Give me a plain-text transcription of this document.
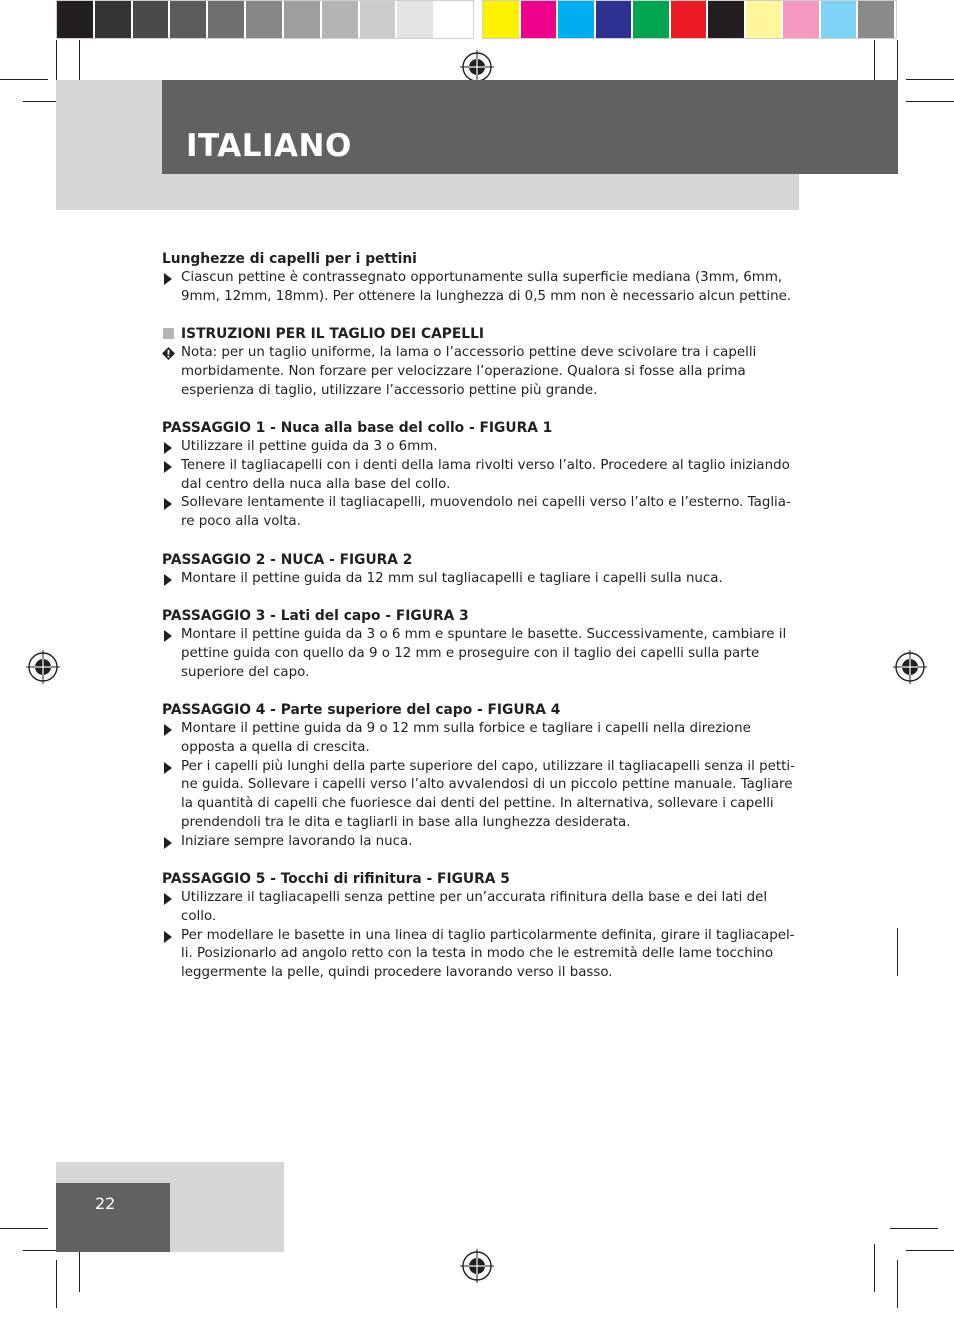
ITALIANO

Lunghezze di capelli per i pettini

Ciascun pettine è contrassegnato opportunamente sulla superficie mediana (3mm, 6mm, 9mm, 12mm, 18mm). Per ottenere la lunghezza di 0,5 mm non è necessario alcun pettine.

ISTRUZIONI PER IL TAGLIO DEI CAPELLI

Nota: per un taglio uniforme, la lama o l’accessorio pettine deve scivolare tra i capelli morbidamente. Non forzare per velocizzare l’operazione. Qualora si fosse alla prima esperienza di taglio, utilizzare l’accessorio pettine più grande.

PASSAGGIO 1 - Nuca alla base del collo - FIGURA 1

Utilizzare il pettine guida da 3 o 6mm.

Tenere il tagliacapelli con i denti della lama rivolti verso l’alto. Procedere al taglio iniziando dal centro della nuca alla base del collo.

Sollevare lentamente il tagliacapelli, muovendolo nei capelli verso l’alto e l’esterno. Taglia-re poco alla volta.

PASSAGGIO 2 - NUCA - FIGURA 2

Montare il pettine guida da 12 mm sul tagliacapelli e tagliare i capelli sulla nuca.

PASSAGGIO 3 - Lati del capo - FIGURA 3

Montare il pettine guida da 3 o 6 mm e spuntare le basette. Successivamente, cambiare il pettine guida con quello da 9 o 12 mm e proseguire con il taglio dei capelli sulla parte superiore del capo.

PASSAGGIO 4 - Parte superiore del capo - FIGURA 4

Montare il pettine guida da 9 o 12 mm sulla forbice e tagliare i capelli nella direzione opposta a quella di crescita.

Per i capelli più lunghi della parte superiore del capo, utilizzare il tagliacapelli senza il petti-ne guida. Sollevare i capelli verso l’alto avvalendosi di un piccolo pettine manuale. Tagliare la quantità di capelli che fuoriesce dai denti del pettine. In alternativa, sollevare i capelli prendendoli tra le dita e tagliarli in base alla lunghezza desiderata.

Iniziare sempre lavorando la nuca.

PASSAGGIO 5 - Tocchi di rifinitura - FIGURA 5

Utilizzare il tagliacapelli senza pettine per un’accurata rifinitura della base e dei lati del collo.

Per modellare le basette in una linea di taglio particolarmente definita, girare il tagliacapel-li. Posizionarlo ad angolo retto con la testa in modo che le estremità delle lame tocchino leggermente la pelle, quindi procedere lavorando verso il basso.

22
